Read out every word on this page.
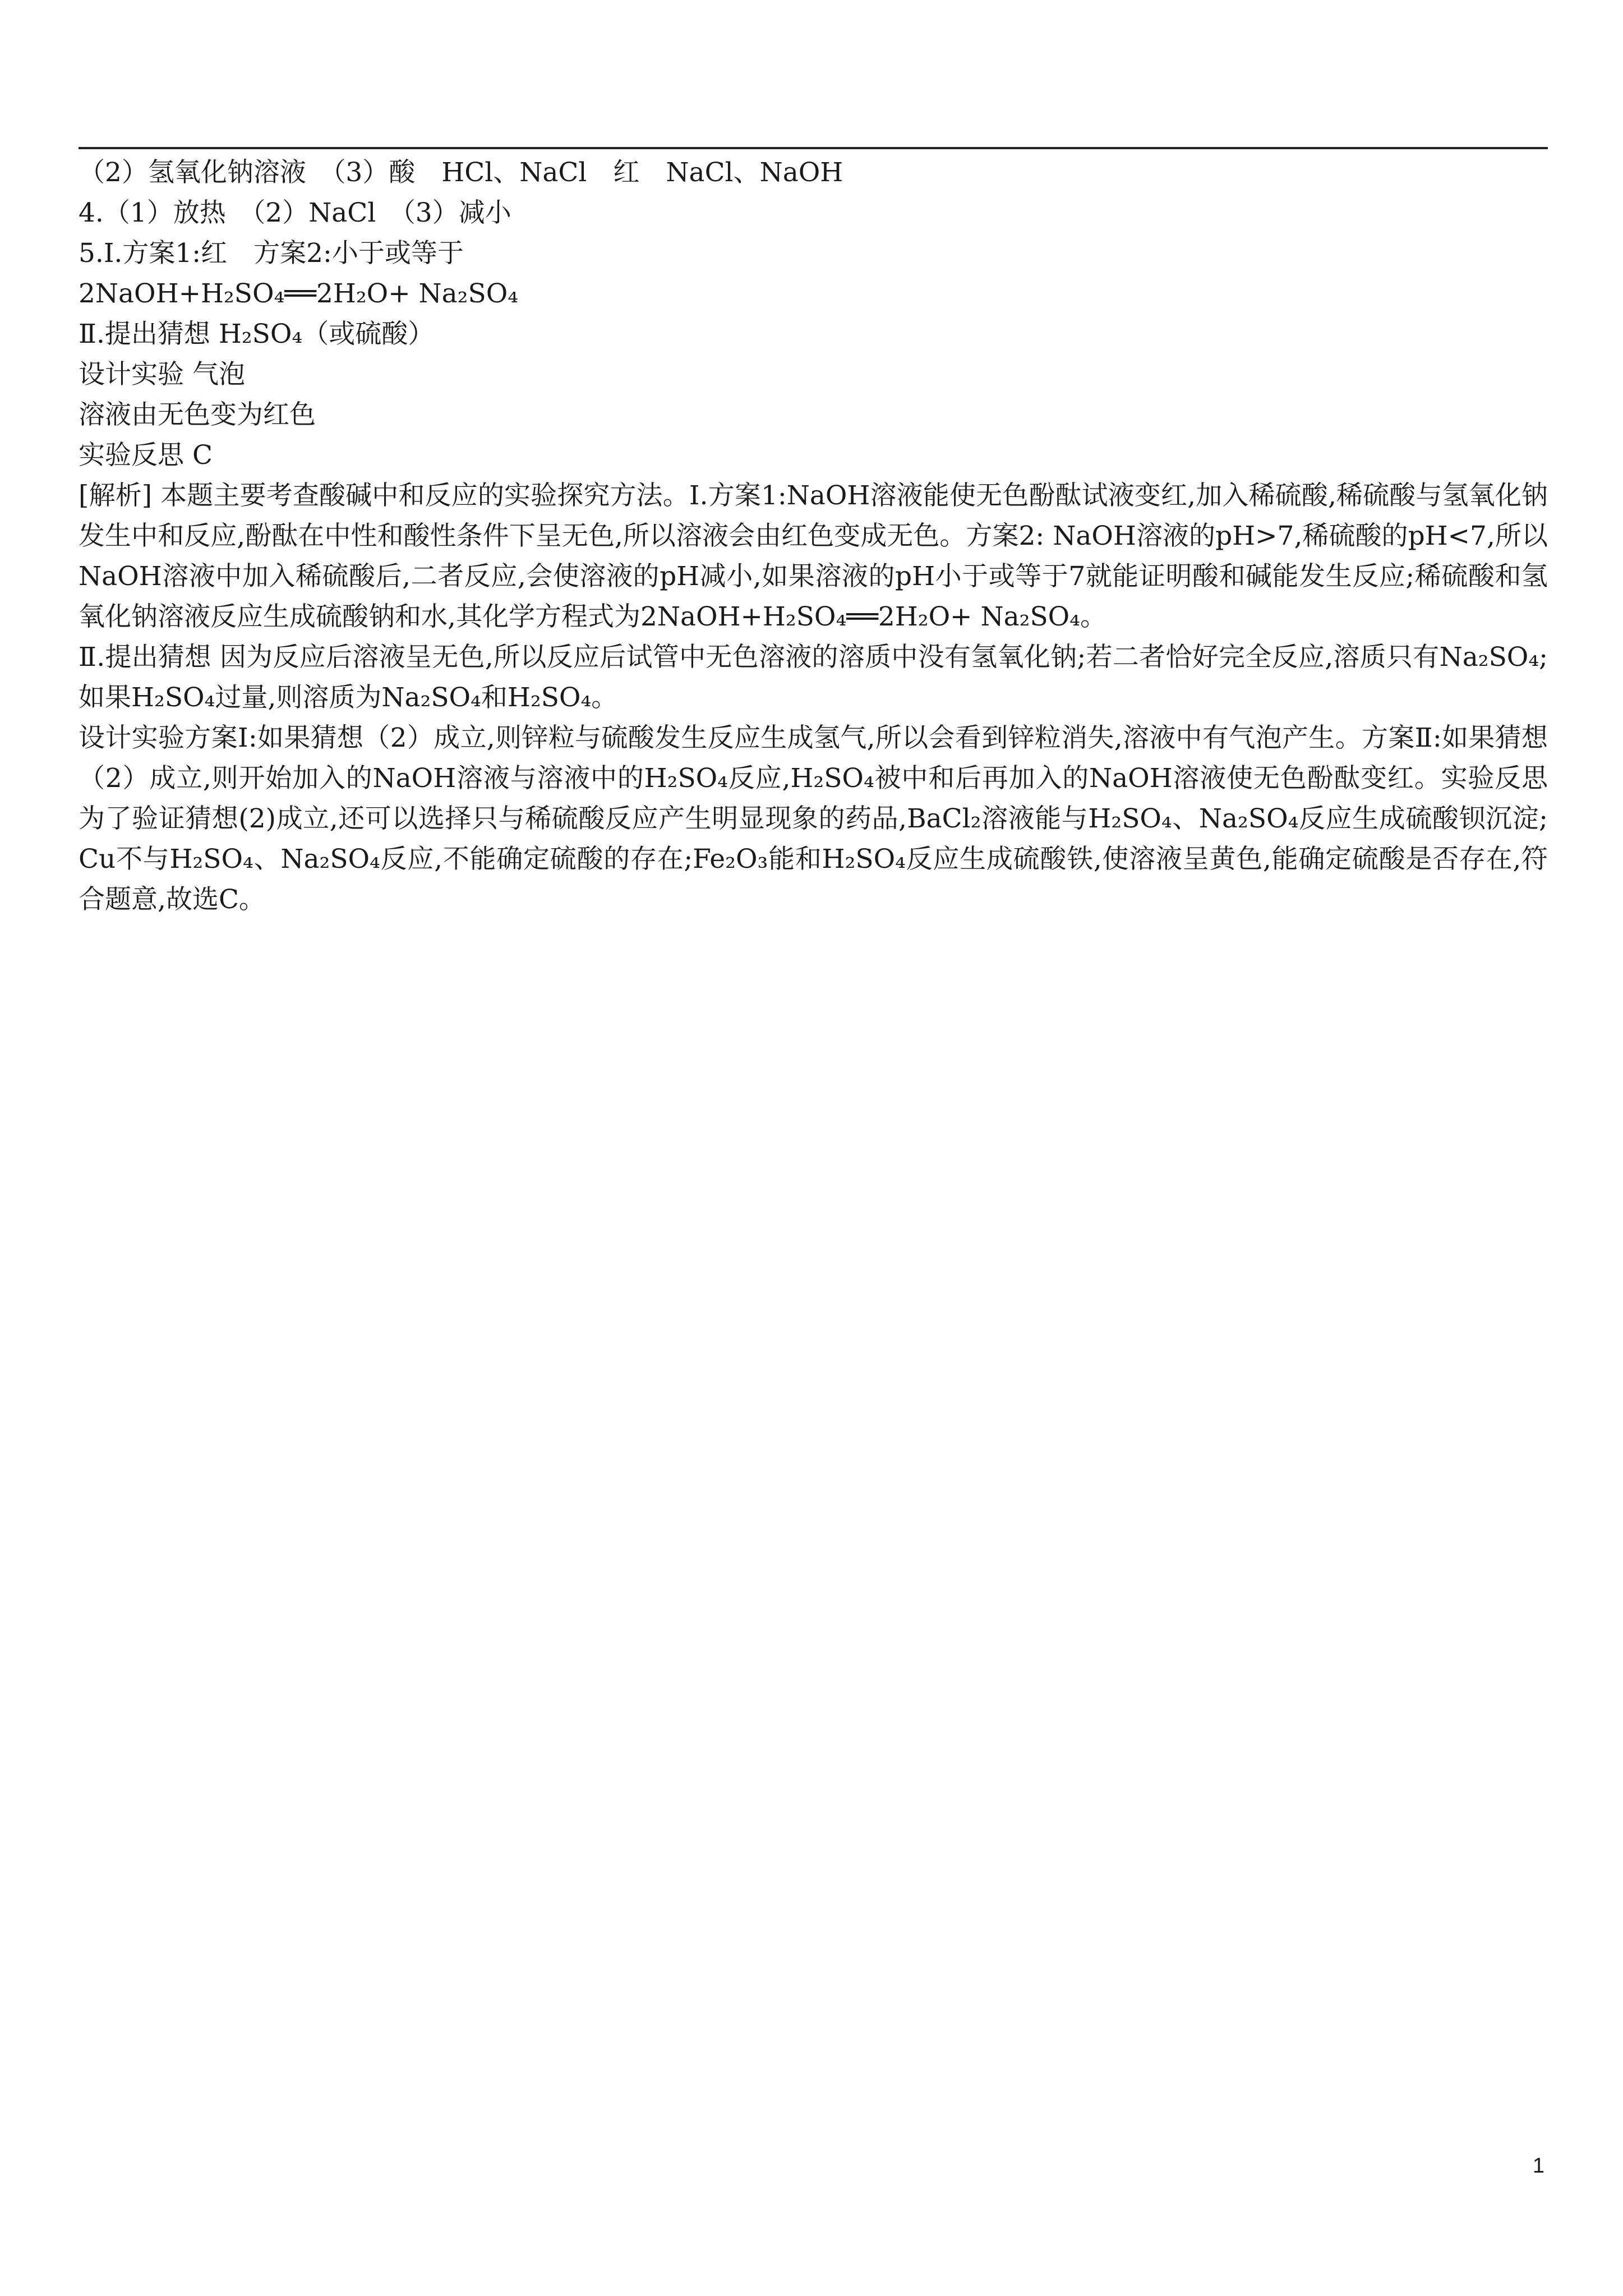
（2）氢氧化钠溶液　（3）酸　HCl、NaCl　红　NaCl、NaOH
4.（1）放热　（2）NaCl　（3）减小
5.Ⅰ.方案1:红　方案2:小于或等于
2NaOH+H₂SO₄══2H₂O+ Na₂SO₄
Ⅱ.提出猜想 H₂SO₄（或硫酸）
设计实验 气泡
溶液由无色变为红色
实验反思 C
[解析] 本题主要考查酸碱中和反应的实验探究方法。Ⅰ.方案1:NaOH溶液能使无色酚酞试液变红,加入稀硫酸,稀硫酸与氢氧化钠发生中和反应,酚酞在中性和酸性条件下呈无色,所以溶液会由红色变成无色。方案2: NaOH溶液的pH>7,稀硫酸的pH<7,所以NaOH溶液中加入稀硫酸后,二者反应,会使溶液的pH减小,如果溶液的pH小于或等于7就能证明酸和碱能发生反应;稀硫酸和氢氧化钠溶液反应生成硫酸钠和水,其化学方程式为2NaOH+H₂SO₄══2H₂O+ Na₂SO₄。
Ⅱ.提出猜想 因为反应后溶液呈无色,所以反应后试管中无色溶液的溶质中没有氢氧化钠;若二者恰好完全反应,溶质只有Na₂SO₄;如果H₂SO₄过量,则溶质为Na₂SO₄和H₂SO₄。
设计实验方案Ⅰ:如果猜想（2）成立,则锌粒与硫酸发生反应生成氢气,所以会看到锌粒消失,溶液中有气泡产生。方案Ⅱ:如果猜想（2）成立,则开始加入的NaOH溶液与溶液中的H₂SO₄反应,H₂SO₄被中和后再加入的NaOH溶液使无色酚酞变红。实验反思 为了验证猜想(2)成立,还可以选择只与稀硫酸反应产生明显现象的药品,BaCl₂溶液能与H₂SO₄、Na₂SO₄反应生成硫酸钡沉淀;Cu不与H₂SO₄、Na₂SO₄反应,不能确定硫酸的存在;Fe₂O₃能和H₂SO₄反应生成硫酸铁,使溶液呈黄色,能确定硫酸是否存在,符合题意,故选C。
1
